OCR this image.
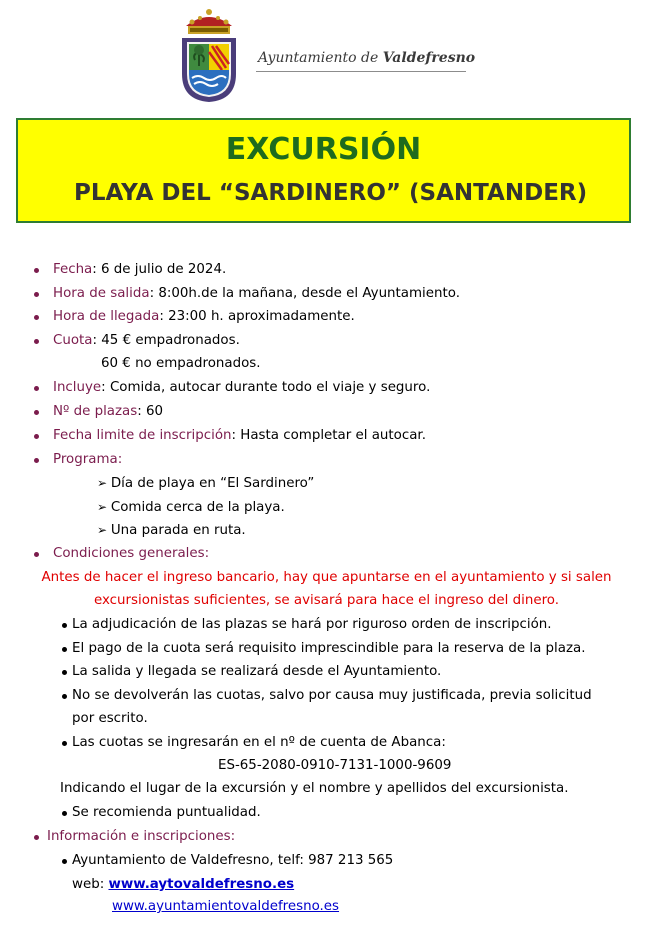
Ayuntamiento de Valdefresno
EXCURSIÓN
PLAYA DEL “SARDINERO” (SANTANDER)
Fecha: 6 de julio de 2024.
Hora de salida: 8:00h.de la mañana, desde el Ayuntamiento.
Hora de llegada: 23:00 h. aproximadamente.
Cuota: 45 € empadronados.
60 € no empadronados.
Incluye: Comida, autocar durante todo el viaje y seguro.
Nº de plazas: 60
Fecha limite de inscripción: Hasta completar el autocar.
Programa:
➢ Día de playa en “El Sardinero”
➢ Comida cerca de la playa.
➢ Una parada en ruta.
Condiciones generales:
Antes de hacer el ingreso bancario, hay que apuntarse en el ayuntamiento y si salen
excursionistas suficientes, se avisará para hace el ingreso del dinero.
La adjudicación de las plazas se hará por riguroso orden de inscripción.
El pago de la cuota será requisito imprescindible para la reserva de la plaza.
La salida y llegada se realizará desde el Ayuntamiento.
No se devolverán las cuotas, salvo por causa muy justificada, previa solicitud
por escrito.
Las cuotas se ingresarán en el nº de cuenta de Abanca:
ES-65-2080-0910-7131-1000-9609
Indicando el lugar de la excursión y el nombre y apellidos del excursionista.
Se recomienda puntualidad.
Información e inscripciones:
Ayuntamiento de Valdefresno, telf: 987 213 565
web: www.aytovaldefresno.es
www.ayuntamientovaldefresno.es
